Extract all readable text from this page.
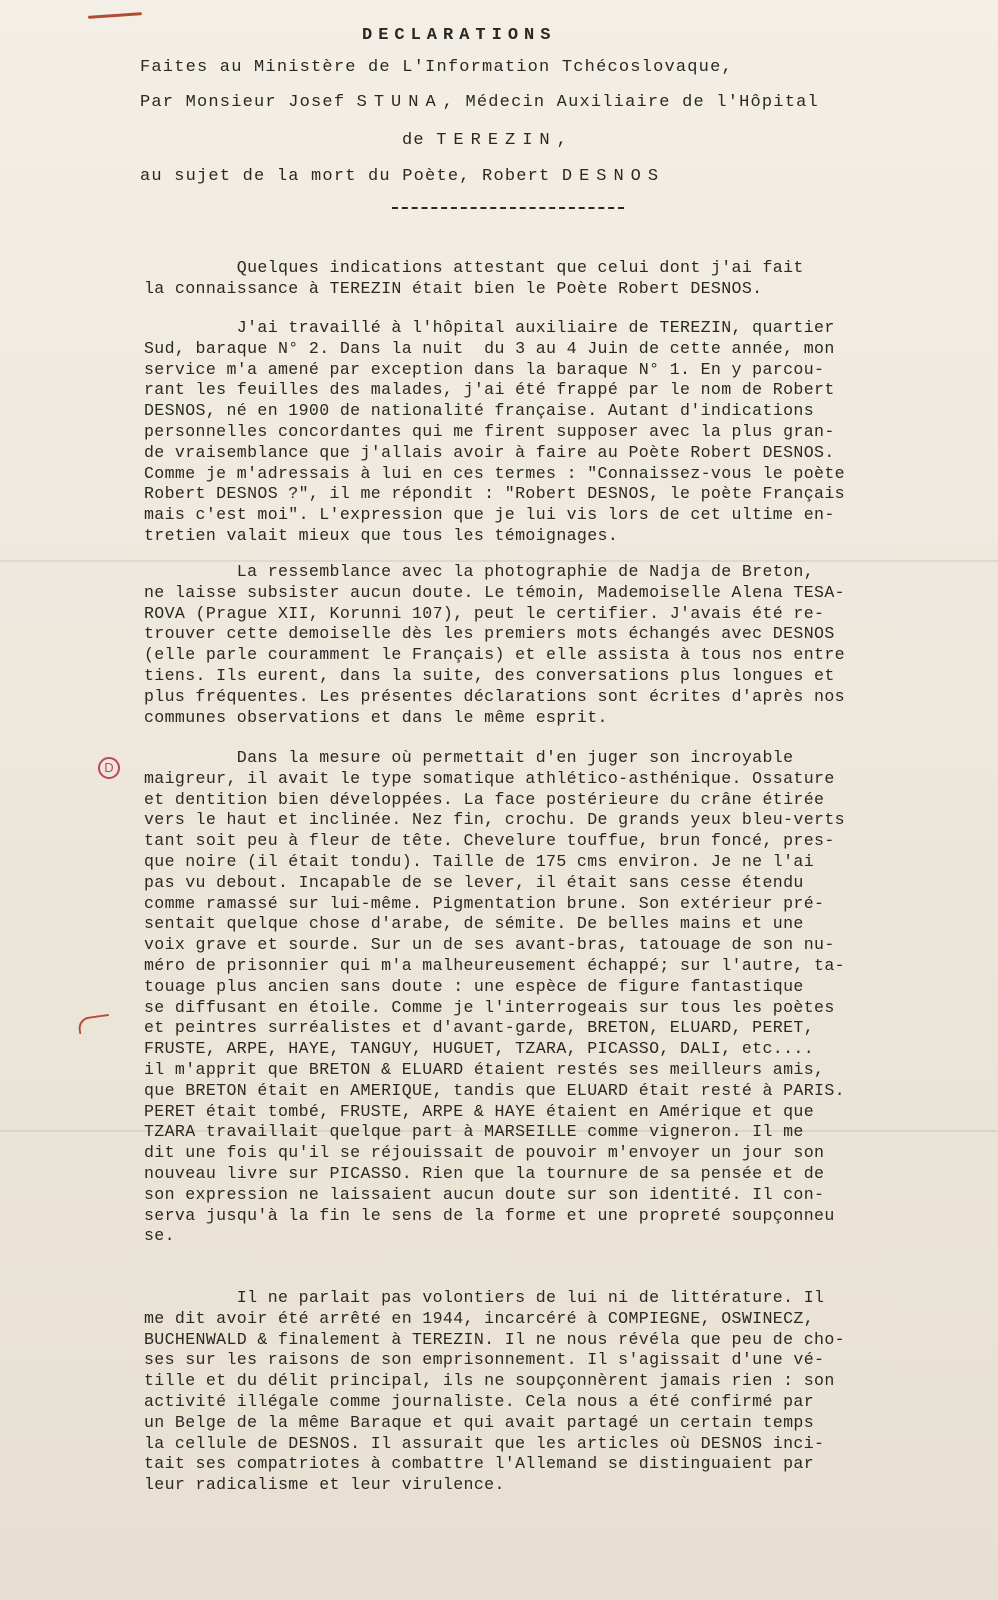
D
DECLARATIONS
Faites au Ministère de L'Information Tchécoslovaque,
Par Monsieur Josef STUNA, Médecin Auxiliaire de l'Hôpital
de TEREZIN,
au sujet de la mort du Poète, Robert DESNOS

Quelques indications attestant que celui dont j'ai fait
la connaissance à TEREZIN était bien le Poète Robert DESNOS.

J'ai travaillé à l'hôpital auxiliaire de TEREZIN, quartier
Sud, baraque N° 2. Dans la nuit  du 3 au 4 Juin de cette année, mon
service m'a amené par exception dans la baraque N° 1. En y parcou-
rant les feuilles des malades, j'ai été frappé par le nom de Robert
DESNOS, né en 1900 de nationalité française. Autant d'indications
personnelles concordantes qui me firent supposer avec la plus gran-
de vraisemblance que j'allais avoir à faire au Poète Robert DESNOS.
Comme je m'adressais à lui en ces termes : "Connaissez-vous le poète
Robert DESNOS ?", il me répondit : "Robert DESNOS, le poète Français
mais c'est moi". L'expression que je lui vis lors de cet ultime en-
tretien valait mieux que tous les témoignages.

La ressemblance avec la photographie de Nadja de Breton,
ne laisse subsister aucun doute. Le témoin, Mademoiselle Alena TESA-
ROVA (Prague XII, Korunni 107), peut le certifier. J'avais été re-
trouver cette demoiselle dès les premiers mots échangés avec DESNOS
(elle parle couramment le Français) et elle assista à tous nos entre
tiens. Ils eurent, dans la suite, des conversations plus longues et
plus fréquentes. Les présentes déclarations sont écrites d'après nos
communes observations et dans le même esprit.

Dans la mesure où permettait d'en juger son incroyable
maigreur, il avait le type somatique athlético-asthénique. Ossature
et dentition bien développées. La face postérieure du crâne étirée
vers le haut et inclinée. Nez fin, crochu. De grands yeux bleu-verts
tant soit peu à fleur de tête. Chevelure touffue, brun foncé, pres-
que noire (il était tondu). Taille de 175 cms environ. Je ne l'ai
pas vu debout. Incapable de se lever, il était sans cesse étendu
comme ramassé sur lui-même. Pigmentation brune. Son extérieur pré-
sentait quelque chose d'arabe, de sémite. De belles mains et une
voix grave et sourde. Sur un de ses avant-bras, tatouage de son nu-
méro de prisonnier qui m'a malheureusement échappé; sur l'autre, ta-
touage plus ancien sans doute : une espèce de figure fantastique
se diffusant en étoile. Comme je l'interrogeais sur tous les poètes
et peintres surréalistes et d'avant-garde, BRETON, ELUARD, PERET,
FRUSTE, ARPE, HAYE, TANGUY, HUGUET, TZARA, PICASSO, DALI, etc....
il m'apprit que BRETON & ELUARD étaient restés ses meilleurs amis,
que BRETON était en AMERIQUE, tandis que ELUARD était resté à PARIS.
PERET était tombé, FRUSTE, ARPE & HAYE étaient en Amérique et que
TZARA travaillait quelque part à MARSEILLE comme vigneron. Il me
dit une fois qu'il se réjouissait de pouvoir m'envoyer un jour son
nouveau livre sur PICASSO. Rien que la tournure de sa pensée et de
son expression ne laissaient aucun doute sur son identité. Il con-
serva jusqu'à la fin le sens de la forme et une propreté soupçonneu
se.

Il ne parlait pas volontiers de lui ni de littérature. Il
me dit avoir été arrêté en 1944, incarcéré à COMPIEGNE, OSWINECZ,
BUCHENWALD & finalement à TEREZIN. Il ne nous révéla que peu de cho-
ses sur les raisons de son emprisonnement. Il s'agissait d'une vé-
tille et du délit principal, ils ne soupçonnèrent jamais rien : son
activité illégale comme journaliste. Cela nous a été confirmé par
un Belge de la même Baraque et qui avait partagé un certain temps
la cellule de DESNOS. Il assurait que les articles où DESNOS inci-
tait ses compatriotes à combattre l'Allemand se distinguaient par
leur radicalisme et leur virulence.
